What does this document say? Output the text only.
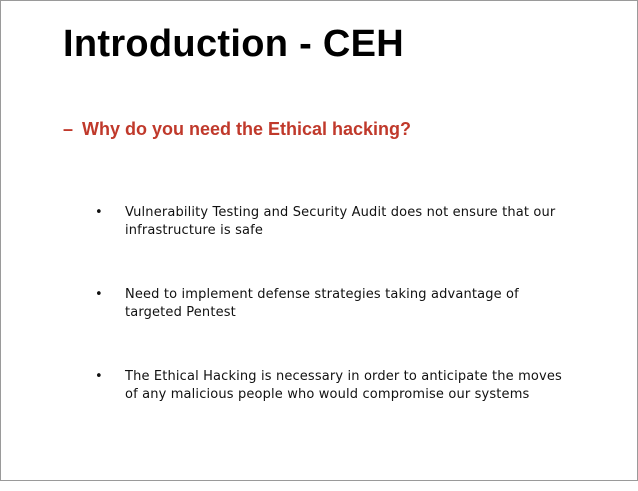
Introduction - CEH
– Why do you need the Ethical hacking?
•	Vulnerability Testing and Security Audit does not ensure that our infrastructure is safe
•	Need to implement defense strategies taking advantage of targeted Pentest
•	The Ethical Hacking is necessary in order to anticipate the moves of any malicious people who would compromise our systems
